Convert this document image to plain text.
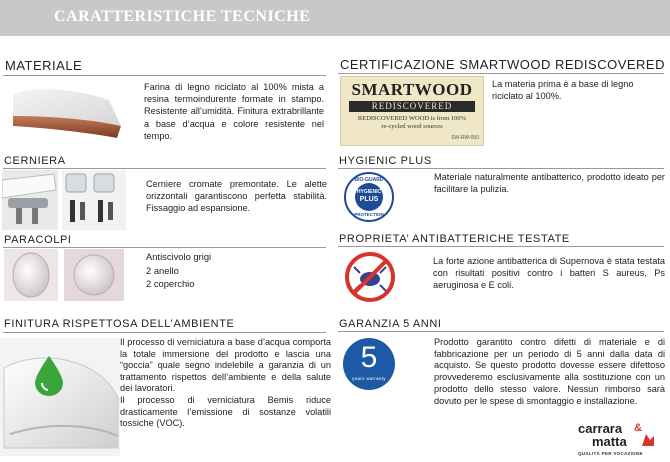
CARATTERISTICHE TECNICHE
MATERIALE
Farina di legno riciclato al 100% mista a resina termoindurente formate in stampo. Resistente all’umidità. Finitura extrabrillante a base d’acqua e colore resistente nel tempo.
CERTIFICAZIONE SMARTWOOD REDISCOVERED
SMARTWOOD
REDISCOVERED
REDISCOVERED WOOD is from 100%
re-cycled wood sources
SW-RW-050
La materia prima è a base di legno riciclato al 100%.
CERNIERA
Cerniere cromate premontate. Le alette orizzontali garantiscono perfetta stabilità. Fissaggio ad espansione.
HYGIENIC PLUS
BIO-GUARD
HYGIENIC
PLUS
PROTECTION
Materiale naturalmente antibatterico, prodotto ideato per facilitare la pulizia.
PARACOLPI

Antiscivolo grigi

2 anello

2 coperchio

PROPRIETA’ ANTIBATTERICHE TESTATE
La forte azione antibatterica di Supernova è stata testata con risultati positivi contro i batteri S aureus, Ps aeruginosa e E coli.
FINITURA RISPETTOSA DELL’AMBIENTE

Il processo di verniciatura a base d’acqua comporta la totale immersione del prodotto e lascia una “goccia” quale segno indelebile a garanzia di un trattamento rispettos dell’ambiente e della salute dei lavoratori.

Il processo di verniciatura Bemis riduce drasticamente l’emissione di sostanze volatili tossiche (VOC).

GARANZIA 5 ANNI
5
years warranty
Prodotto garantito contro difetti di materiale e di fabbricazione per un periodo di 5 anni dalla data di acquisto. Se questo prodotto dovesse essere difettoso provvederemo esclusivamente alla sostituzione con un prodotto dello stesso valore. Nessun rimborso sarà dovuto per le spese di smontaggio e installazione.
carrara &
matta
QUALITÀ PER VOCAZIONE
